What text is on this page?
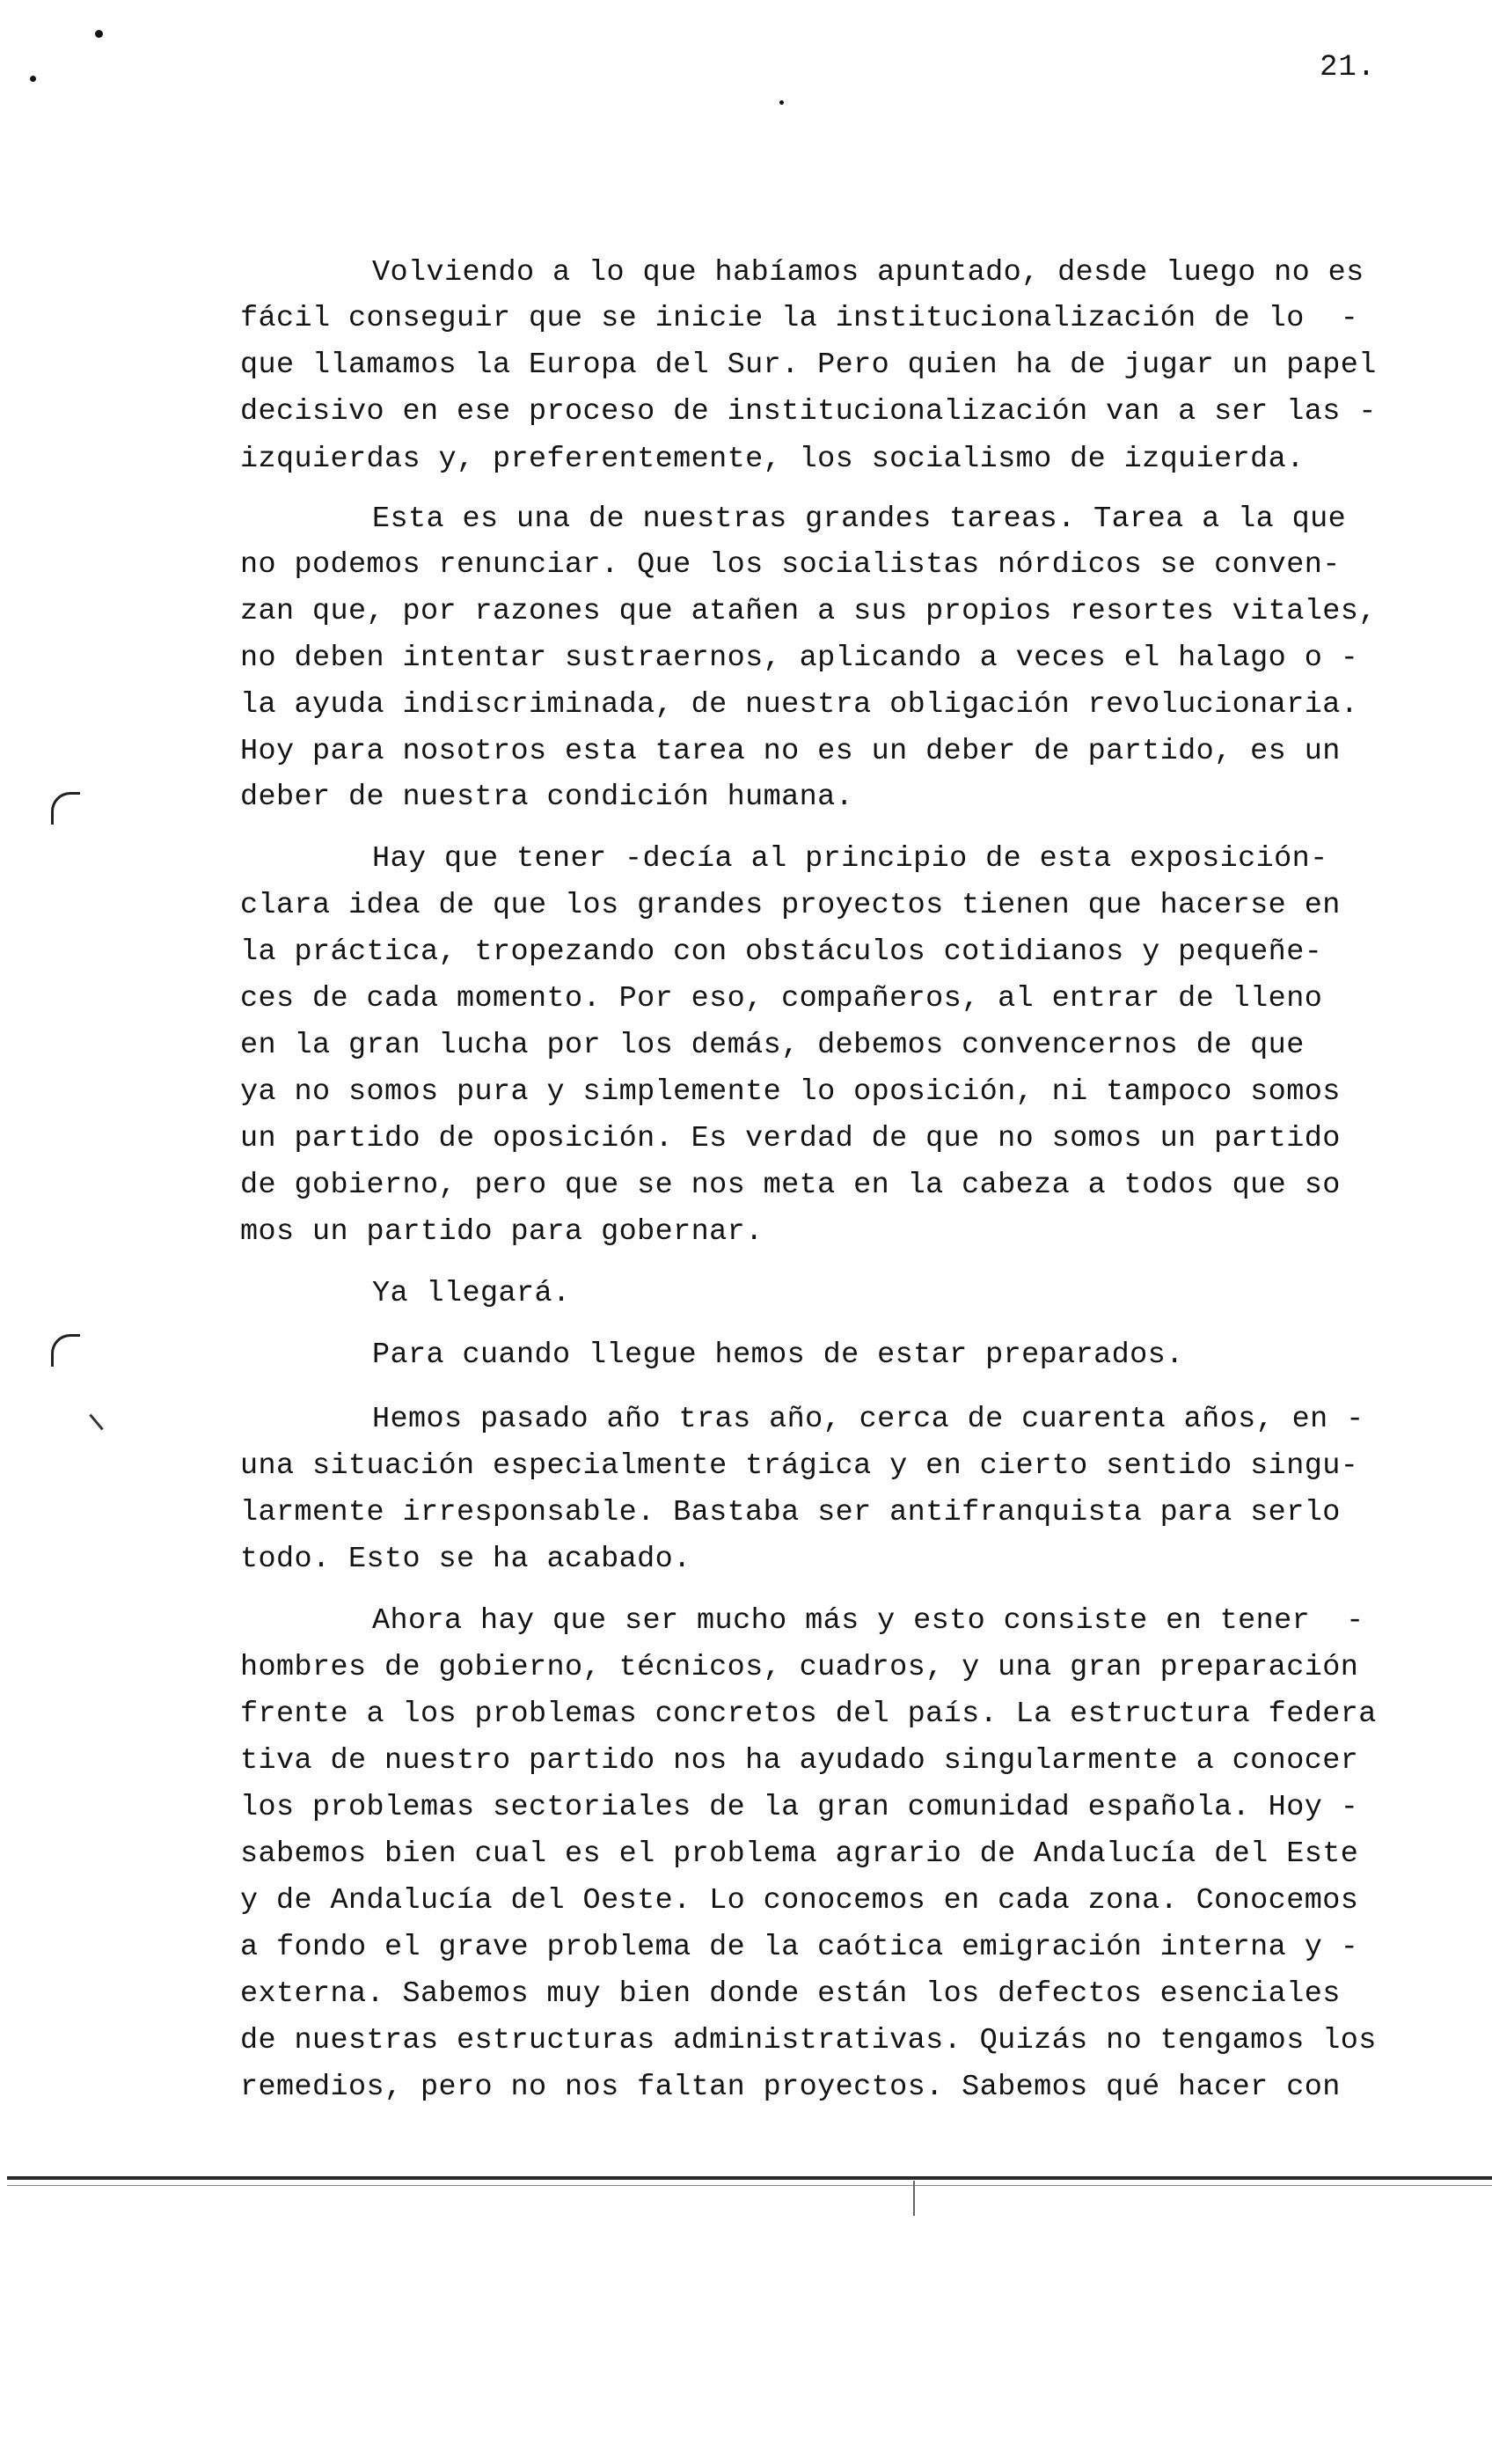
21.
Volviendo a lo que habíamos apuntado, desde luego no es
fácil conseguir que se inicie la institucionalización de lo  -
que llamamos la Europa del Sur. Pero quien ha de jugar un papel
decisivo en ese proceso de institucionalización van a ser las -
izquierdas y, preferentemente, los socialismo de izquierda.
Esta es una de nuestras grandes tareas. Tarea a la que
no podemos renunciar. Que los socialistas nórdicos se conven-
zan que, por razones que atañen a sus propios resortes vitales,
no deben intentar sustraernos, aplicando a veces el halago o -
la ayuda indiscriminada, de nuestra obligación revolucionaria.
Hoy para nosotros esta tarea no es un deber de partido, es un
deber de nuestra condición humana.
Hay que tener -decía al principio de esta exposición-
clara idea de que los grandes proyectos tienen que hacerse en
la práctica, tropezando con obstáculos cotidianos y pequeñe-
ces de cada momento. Por eso, compañeros, al entrar de lleno
en la gran lucha por los demás, debemos convencernos de que
ya no somos pura y simplemente lo oposición, ni tampoco somos
un partido de oposición. Es verdad de que no somos un partido
de gobierno, pero que se nos meta en la cabeza a todos que so
mos un partido para gobernar.
Ya llegará.
Para cuando llegue hemos de estar preparados.
Hemos pasado año tras año, cerca de cuarenta años, en -
una situación especialmente trágica y en cierto sentido singu-
larmente irresponsable. Bastaba ser antifranquista para serlo
todo. Esto se ha acabado.
Ahora hay que ser mucho más y esto consiste en tener  -
hombres de gobierno, técnicos, cuadros, y una gran preparación
frente a los problemas concretos del país. La estructura federa
tiva de nuestro partido nos ha ayudado singularmente a conocer
los problemas sectoriales de la gran comunidad española. Hoy -
sabemos bien cual es el problema agrario de Andalucía del Este
y de Andalucía del Oeste. Lo conocemos en cada zona. Conocemos
a fondo el grave problema de la caótica emigración interna y -
externa. Sabemos muy bien donde están los defectos esenciales
de nuestras estructuras administrativas. Quizás no tengamos los
remedios, pero no nos faltan proyectos. Sabemos qué hacer con
